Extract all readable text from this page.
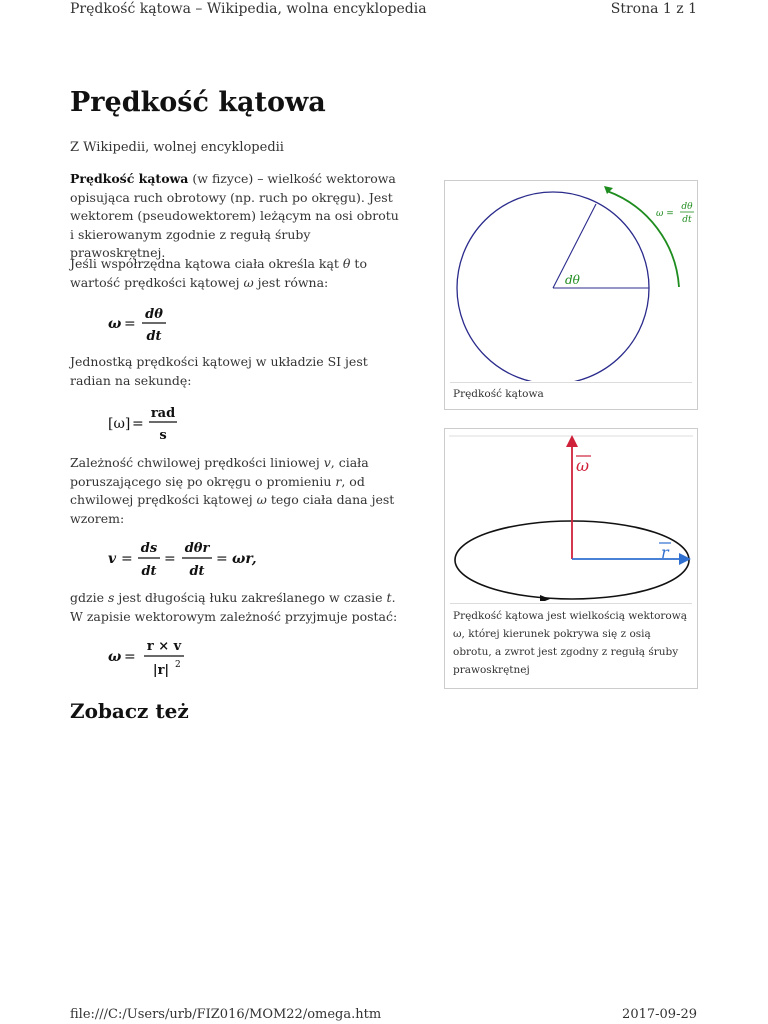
Prędkość kątowa – Wikipedia, wolna encyklopedia	Strona 1 z 1
Prędkość kątowa
Z Wikipedii, wolnej encyklopedii
Prędkość kątowa (w fizyce) – wielkość wektorowa opisująca ruch obrotowy (np. ruch po okręgu). Jest wektorem (pseudowektorem) leżącym na osi obrotu i skierowanym zgodnie z regułą śruby prawoskrętnej.
Jeśli współrzędna kątowa ciała określa kąt θ to wartość prędkości kątowej ω jest równa:
ω =
dθ
dt
Jednostką prędkości kątowej w układzie SI jest radian na sekundę:
[ω] =
rad
s
Zależność chwilowej prędkości liniowej v, ciała poruszającego się po okręgu o promieniu r, od chwilowej prędkości kątowej ω tego ciała dana jest wzorem:
v =
ds
dt
=
dθr
dt
= ωr,
gdzie s jest długością łuku zakreślanego w czasie t. W zapisie wektorowym zależność przyjmuje postać:
ω =
r × v
|r| 2
Zobacz też
dθ
ω =
dθ
dt
Prędkość kątowa
ω
r
Prędkość kątowa jest wielkością wektorową ω, której kierunek pokrywa się z osią obrotu, a zwrot jest zgodny z regułą śruby prawoskrętnej
file:///C:/Users/urb/FIZ016/MOM22/omega.htm	2017-09-29
